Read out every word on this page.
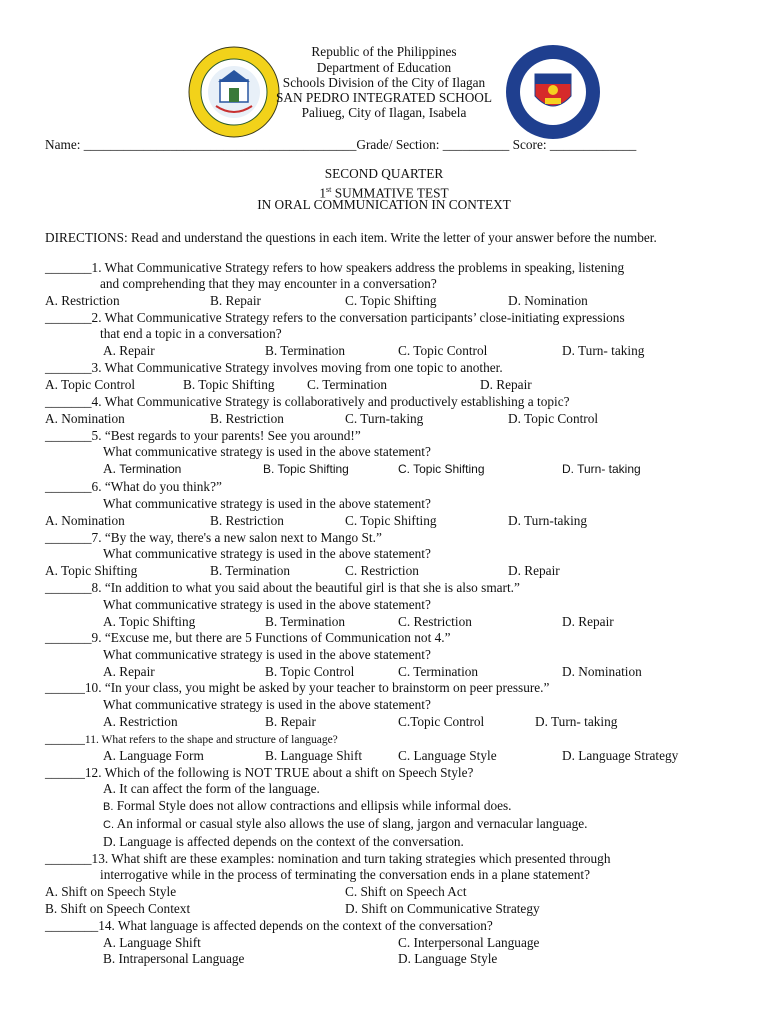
Republic of the Philippines
Department of Education
Schools Division of the City of Ilagan
SAN PEDRO INTEGRATED SCHOOL
Paliueg, City of Ilagan, Isabela
Name: _________________________________________Grade/ Section: __________ Score: _____________
SECOND QUARTER
1st SUMMATIVE TEST
IN ORAL COMMUNICATION IN CONTEXT
DIRECTIONS: Read and understand the questions in each item. Write the letter of your answer before the number.
_______1. What Communicative Strategy refers to how speakers address the problems in speaking, listening
and comprehending that they may encounter in a conversation?
A. Restriction	B. Repair	C. Topic Shifting	D. Nomination
_______2. What Communicative Strategy refers to the conversation participants’ close-initiating expressions
that end a topic in a conversation?
A. Repair	B. Termination	C. Topic Control	D. Turn- taking
_______3. What Communicative Strategy involves moving from one topic to another.
A. Topic Control	B. Topic Shifting C. Termination	D. Repair
_______4. What Communicative Strategy is collaboratively and productively establishing a topic?
A. Nomination	B. Restriction	C. Turn-taking	D. Topic Control
_______5. “Best regards to your parents! See you around!”
What communicative strategy is used in the above statement?
A. Termination	B. Topic Shifting	C. Topic Shifting	D. Turn- taking
_______6. “What do you think?”
What communicative strategy is used in the above statement?
A. Nomination	B. Restriction	C. Topic Shifting	D. Turn-taking
_______7. “By the way, there's a new salon next to Mango St.”
What communicative strategy is used in the above statement?
A. Topic Shifting	B. Termination	C. Restriction	D. Repair
_______8. “In addition to what you said about the beautiful girl is that she is also smart.”
What communicative strategy is used in the above statement?
A. Topic Shifting	B. Termination	C. Restriction	D. Repair
_______9. “Excuse me, but there are 5 Functions of Communication not 4.”
What communicative strategy is used in the above statement?
A. Repair	B. Topic Control	C. Termination	D. Nomination
______10. “In your class, you might be asked by your teacher to brainstorm on peer pressure.”
What communicative strategy is used in the above statement?
A. Restriction	B. Repair	C.Topic Control	D. Turn- taking
______11. What refers to the shape and structure of language?
A. Language Form	B. Language Shift	C. Language Style	D. Language Strategy
______12. Which of the following is NOT TRUE about a shift on Speech Style?
A. It can affect the form of the language.
B. Formal Style does not allow contractions and ellipsis while informal does.
C. An informal or casual style also allows the use of slang, jargon and vernacular language.
D. Language is affected depends on the context of the conversation.
_______13. What shift are these examples: nomination and turn taking strategies which presented through
interrogative while in the process of terminating the conversation ends in a plane statement?
A. Shift on Speech Style	C. Shift on Speech Act
B. Shift on Speech Context	D. Shift on Communicative Strategy
________14. What language is affected depends on the context of the conversation?
A. Language Shift	C. Interpersonal Language
B. Intrapersonal Language	D. Language Style
